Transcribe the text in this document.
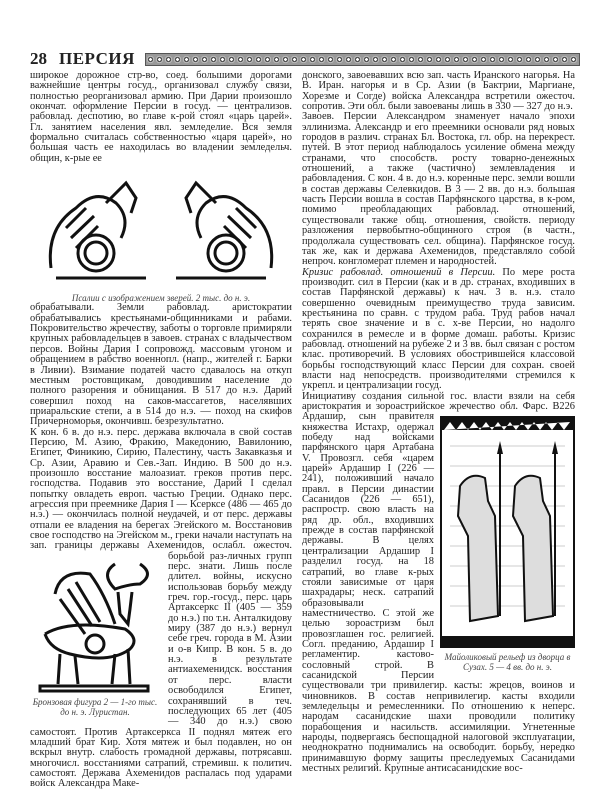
28 ПЕРСИЯ

широкое дорожное стр-во, соед. большими дорогами важнейшие центры госуд., организовал службу связи, полностью реорганизовал армию. При Дарии произошло окончат. оформление Персии в госуд. — централизов. рабовлад. деспотию, во главе к-рой стоял «царь царей». Гл. занятием населения явл. земледелие. Вся земля формально считалась собственностью «царя царей», но большая часть ее находилась во владении земледельч. общин, к-рые ее

Псалии с изображением зверей. 2 тыс. до н. э.

обрабатывали. Земли рабовлад. аристократии обрабатывались крестьянами-общинниками и рабами. Покровительство жречеству, заботы о торговле примиряли крупных рабовладельцев в завоев. странах с владычеством персов. Войны Дария I сопровожд. массовым угоном и обращением в рабство военнопл. (напр., жителей г. Барки в Ливии). Взимание податей часто сдавалось на откуп местным ростовщикам, доводившим население до полного разорения и обнищания. В 517 до н.э. Дарий совершил поход на саков-массагетов, населявших приаральские степи, а в 514 до н.э. — поход на скифов Причерноморья, окончивш. безрезультатно.

К кон. 6 в. до н.э. перс. держава включала в свой состав Персию, М. Азию, Фракию, Македонию, Вавилонию, Египет, Финикию, Сирию, Палестину, часть Закавказья и Ср. Азии, Аравию и Сев.-Зап. Индию. В 500 до н.э. произошло восстание малоазиат. греков против перс. господства. Подавив это восстание, Дарий I сделал попытку овладеть европ. частью Греции. Однако перс. агрессия при преемнике Дария I — Ксерксе (486 — 465 до н.э.) — окончилась полной неудачей, и от перс. державы отпали ее владения на берегах Эгейского м. Восстановив свое господство на Эгейском м., греки начали наступать на зап. границы державы Ахеменидов, ослабл. ожесточ. борьбой раз-
Бронзовая фигура 2 — 1-го тыс. до н. э. Луристан.
личных групп перс. знати. Лишь после длител. войны, искусно использовав борьбу между греч. гор.-госуд., перс. царь Артаксеркс II (405 — 359 до н.э.) по т.н. Анталкидову миру (387 до н.э.) вернул себе греч. города в М. Азии и о-в Кипр. В кон. 5 в. до н.э. в результате антиахеменидск. восстания от перс. власти освободился Египет, сохранявший в теч. последующих 65 лет (405 — 340 до н.э.) свою самостоят. Против Артаксеркса II поднял мятеж его младший брат Кир. Хотя мятеж и был подавлен, но он вскрыл внутр. слабость громадной державы, потрясавш. многочисл. восстаниями сатрапий, стремивш. к политич. самостоят. Держава Ахеменидов распалась под ударами войск Александра Маке-

донского, завоевавших всю зап. часть Иранского нагорья. На В. Иран. нагорья и в Ср. Азии (в Бактрии, Маргиане, Хорезме и Согде) войска Александра встретили ожесточ. сопротив. Эти обл. были завоеваны лишь в 330 — 327 до н.э.

Завоев. Персии Александром знаменует начало эпохи эллинизма. Александр и его преемники основали ряд новых городов в различ. странах Бл. Востока, гл. обр. на перекрест. путей. В этот период наблюдалось усиление обмена между странами, что способств. росту товарно-денежных отношений, а также (частично) землевладения и рабовладения. С кон. 4 в. до н.э. коренные перс. земли вошли в состав державы Селевкидов. В 3 — 2 вв. до н.э. большая часть Персии вошла в состав Парфянского царства, в к-ром, помимо преобладающих рабовлад. отношений, существовали также общ. отношения, свойств. периоду разложения первобытно-общинного строя (в частн., продолжала существовать сел. община). Парфянское госуд. так же, как и держава Ахеменидов, представляло собой непроч. конгломерат племен и народностей.

Кризис рабовлад. отношений в Персии. По мере роста производит. сил в Персии (как и в др. странах, входивших в состав Парфянской державы) к нач. 3 в. н.э. стало совершенно очевидным преимущество труда зависим. крестьянина по сравн. с трудом раба. Труд рабов начал терять свое значение и в с. х-ве Персии, но надолго сохранился в ремесле и в форме домаш. работы. Кризис рабовлад. отношений на рубеже 2 и 3 вв. был связан с ростом клас. противоречий. В условиях обострившейся классовой борьбы господствующий класс Персии для сохран. своей власти над непосредств. производителями стремился к укрепл. и централизации госуд.

Инициативу создания сильной гос. власти взяли на себя аристократия и зороастрийское жречество обл. Фарс. В
Майоликовый рельеф из дворца в Сузах. 5 — 4 вв. до н. э.
226 Ардашир, сын правителя княжества Истахр, одержал победу над войсками парфянского царя Артабана V. Провозгл. себя «царем царей» Ардашир I (226 — 241), положивший начало правл. в Персии династии Сасанидов (226 — 651), распростр. свою власть на ряд др. обл., входивших прежде в состав парфянской державы. В целях централизации Ардашир I разделил госуд. на 18 сатрапий, во главе к-рых стояли зависимые от царя шахрадары; неск. сатрапий образовывали наместничество. С этой же целью зороастризм был провозглашен гос. религией. Согл. преданию, Ардашир I регламентир. кастово-сословный строй. В сасанидской Персии существовали три привилегир. касты: жрецов, воинов и чиновников. В состав непривилегир. касты входили земледельцы и ремесленники. По отношению к неперс. народам сасанидские шахи проводили политику порабощения и насильств. ассимиляции. Угнетенные народы, подвергаясь беспощадной налоговой эксплуатации, неоднократно поднимались на освободит. борьбу, нередко принимавшую форму защиты преследуемых Сасанидами местных религий. Крупные антисасанидские вос-
